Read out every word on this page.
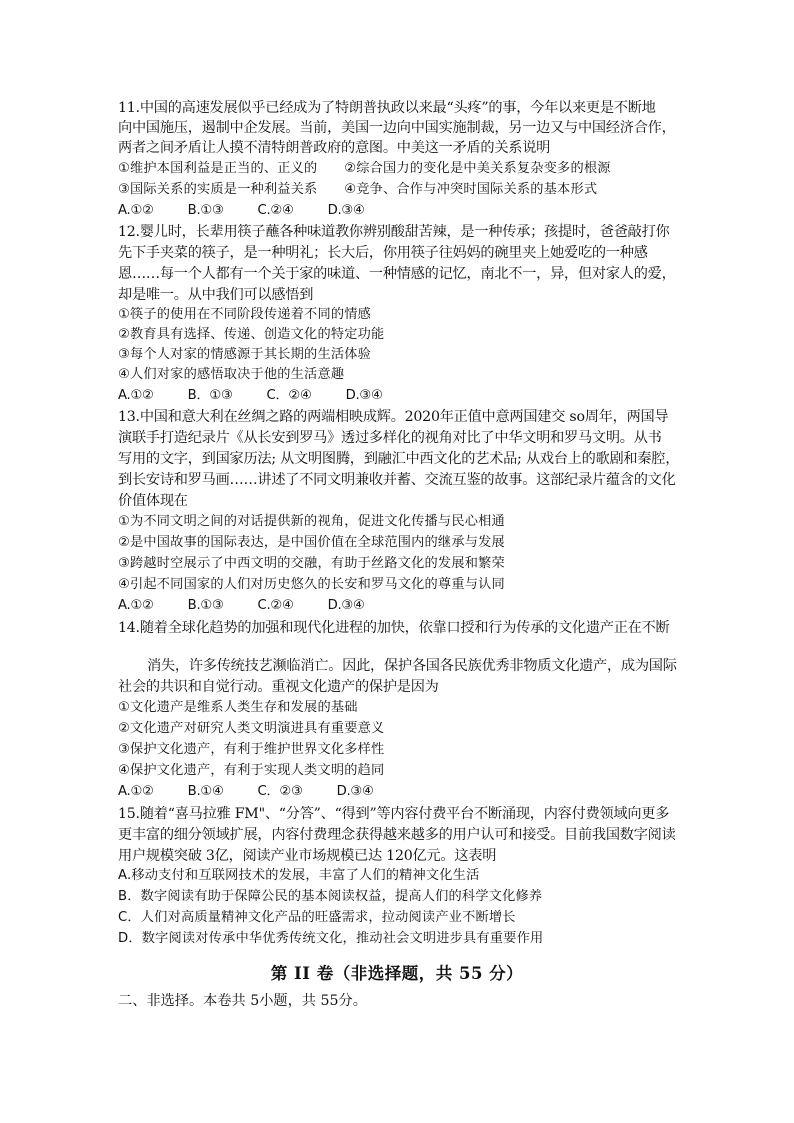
11.中国的高速发展似乎已经成为了特朗普执政以来最“头疼”的事，今年以来更是不断地
向中国施压，遏制中企发展。当前，美国一边向中国实施制裁，另一边又与中国经济合作，
两者之间矛盾让人摸不清特朗普政府的意图。中美这一矛盾的关系说明
①维护本国利益是正当的、正义的　　②综合国力的变化是中美关系复杂变多的根源
③国际关系的实质是一种利益关系　　④竞争、合作与冲突时国际关系的基本形式
A.①②	B.①③	C.②④	D.③④
12.婴儿时，长辈用筷子蘸各种味道教你辨别酸甜苦辣，是一种传承；孩提时，爸爸敲打你
先下手夹菜的筷子，是一种明礼；长大后，你用筷子往妈妈的碗里夹上她爱吃的一种感
恩……每一个人都有一个关于家的味道、一种情感的记忆，南北不一，异，但对家人的爱，
却是唯一。从中我们可以感悟到
①筷子的使用在不同阶段传递着不同的情感
②教育具有选择、传递、创造文化的特定功能
③每个人对家的情感源于其长期的生活体验
④人们对家的感悟取决于他的生活意趣
A.①②	B．①③	C．②④	D.③④
13.中国和意大利在丝绸之路的两端相映成辉。2020年正值中意两国建交 so周年，两国导
演联手打造纪录片《从长安到罗马》透过多样化的视角对比了中华文明和罗马文明。从书
写用的文字，到国家历法; 从文明图腾，到融汇中西文化的艺术品; 从戏台上的歌剧和秦腔，
到长安诗和罗马画……讲述了不同文明兼收并蓄、交流互鉴的故事。这部纪录片蕴含的文化
价值体现在
①为不同文明之间的对话提供新的视角，促进文化传播与民心相通
②是中国故事的国际表达，是中国价值在全球范围内的继承与发展
③跨越时空展示了中西文明的交融，有助于丝路文化的发展和繁荣
④引起不同国家的人们对历史悠久的长安和罗马文化的尊重与认同
A.①②	B.①③	C.②④	D.③④
14.随着全球化趋势的加强和现代化进程的加快，依靠口授和行为传承的文化遗产正在不断
消失，许多传统技艺濒临消亡。因此，保护各国各民族优秀非物质文化遗产，成为国际
社会的共识和自觉行动。重视文化遗产的保护是因为
①文化遗产是维系人类生存和发展的基础
②文化遗产对研究人类文明演进具有重要意义
③保护文化遗产，有利于维护世界文化多样性
④保护文化遗产，有利于实现人类文明的趋同
A.①②	B.①④	C．②③	D.③④
15.随着“喜马拉雅 FM"、“分答”、“得到”等内容付费平台不断涌现，内容付费领域向更多
更丰富的细分领域扩展，内容付费理念获得越来越多的用户认可和接受。目前我国数字阅读
用户规模突破 3亿，阅读产业市场规模已达 120亿元。这表明
A.移动支付和互联网技术的发展，丰富了人们的精神文化生活
B．数字阅读有助于保障公民的基本阅读权益，提高人们的科学文化修养
C．人们对高质量精神文化产品的旺盛需求，拉动阅读产业不断增长
D．数字阅读对传承中华优秀传统文化，推动社会文明进步具有重要作用
第 II 卷（非选择题，共 55 分）
二、非选择。本卷共 5小题，共 55分。
